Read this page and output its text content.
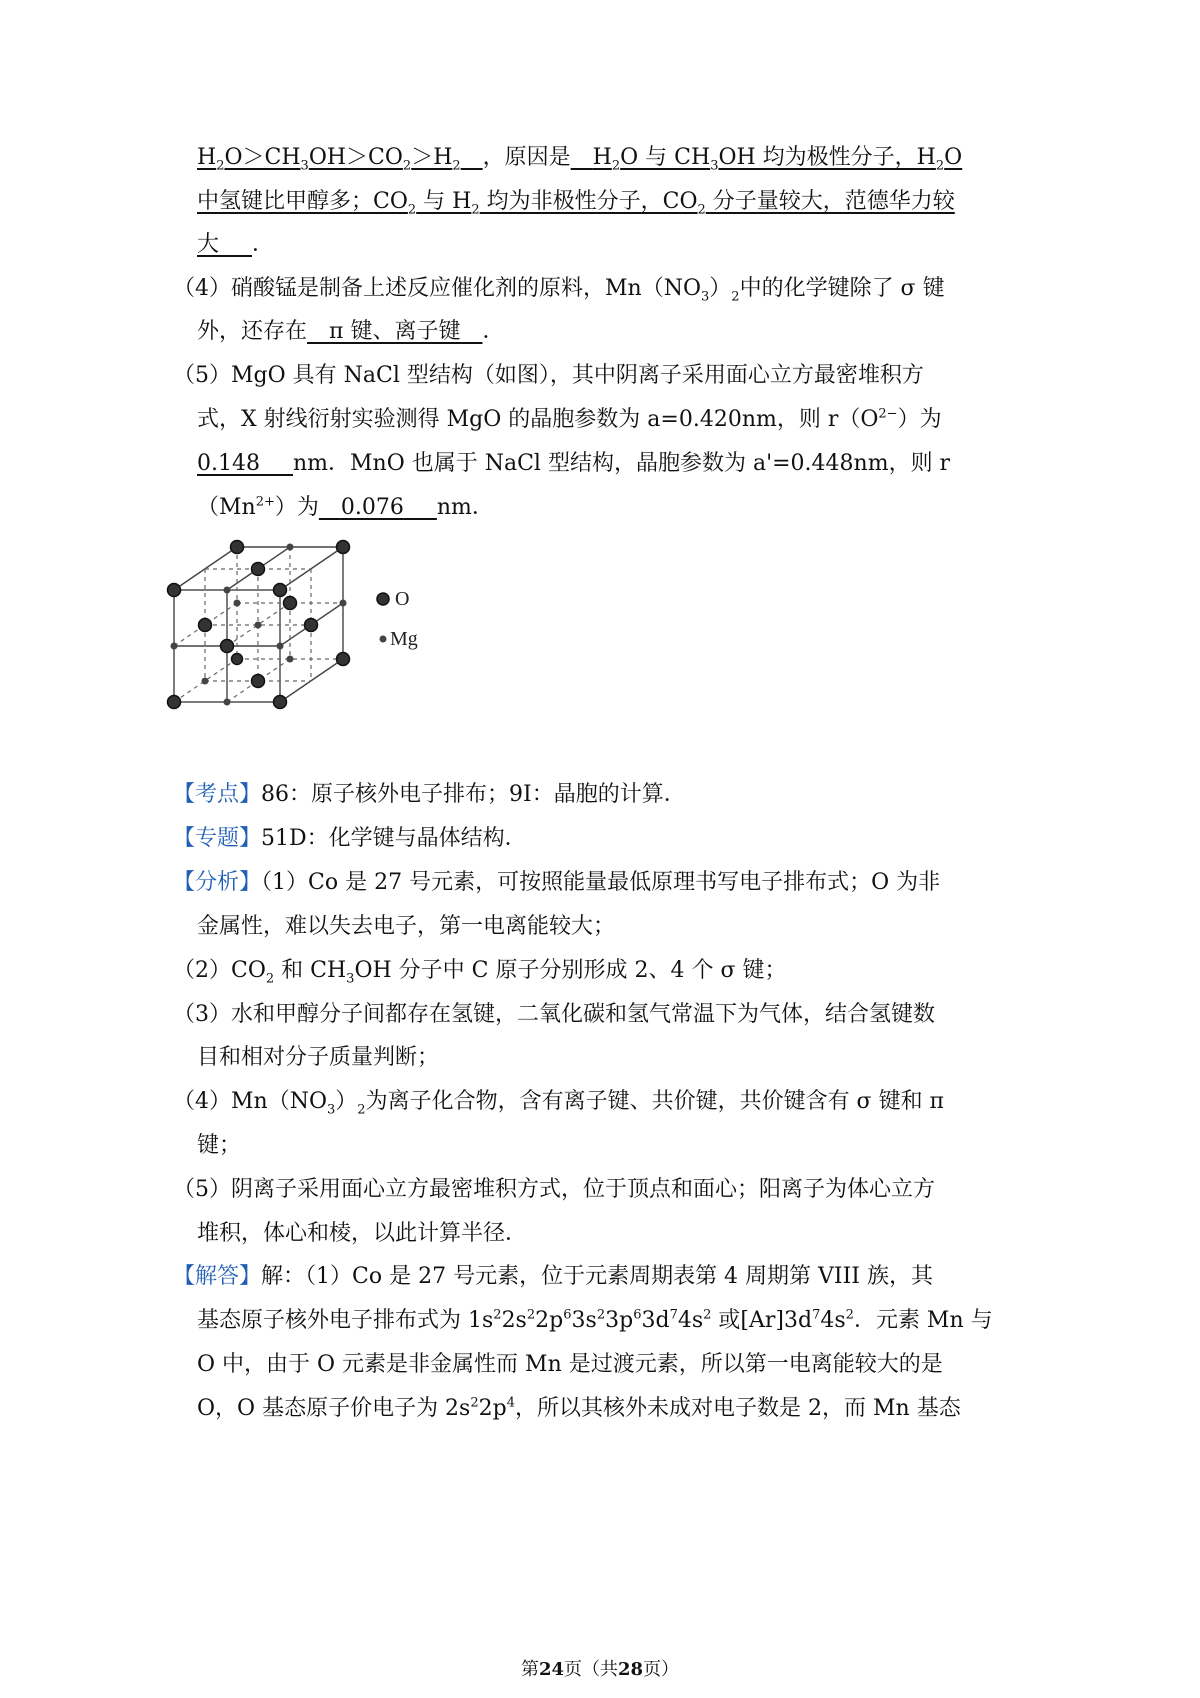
$H_2O>CH_3OH>CO_2>H_2$  ，原因是  $H_2O$ 与 $CH_3OH$ 均为极性分子，$H_2O$
中氢键比甲醇多；$CO_2$ 与 $H_2$ 均为非极性分子，$CO_2$ 分子量较大，范德华力较
大   ．
（4）硝酸锰是制备上述反应催化剂的原料，$Mn(NO_3)_2$中的化学键除了 σ 键
外，还存在  π 键、离子键  ．
（5）MgO 具有 NaCl 型结构（如图），其中阴离子采用面心立方最密堆积方
式，X 射线衍射实验测得 MgO 的晶胞参数为 a=0.420nm，则 $r(O^{2-})$为
0.148   nm．MnO 也属于 NaCl 型结构，晶胞参数为 a'=0.448nm，则 r
$(Mn^{2+})$为  0.076   nm．
O
Mg
【考点】86：原子核外电子排布；9I：晶胞的计算．
【专题】51D：化学键与晶体结构．
【分析】（1）Co 是 27 号元素，可按照能量最低原理书写电子排布式；O 为非
金属性，难以失去电子，第一电离能较大；
$(2)CO_2$ 和 $CH_3OH$ 分子中 C 原子分别形成 2、4 个 σ 键；
（3）水和甲醇分子间都存在氢键，二氧化碳和氢气常温下为气体，结合氢键数
目和相对分子质量判断；
$(4)Mn(NO_3)_2$为离子化合物，含有离子键、共价键，共价键含有 σ 键和 π
键；
（5）阴离子采用面心立方最密堆积方式，位于顶点和面心；阳离子为体心立方
堆积，体心和棱，以此计算半径．
【解答】解：（1）Co 是 27 号元素，位于元素周期表第 4 周期第 VIII 族，其
基态原子核外电子排布式为 $1s^22s^22p^63s^23p^63d^74s^2$ 或$[Ar]3d^74s^2$．元素 Mn 与
O 中，由于 O 元素是非金属性而 Mn 是过渡元素，所以第一电离能较大的是
O，O 基态原子价电子为 $2s^22p^4$，所以其核外未成对电子数是 2，而 Mn 基态
第24页（共28页）
